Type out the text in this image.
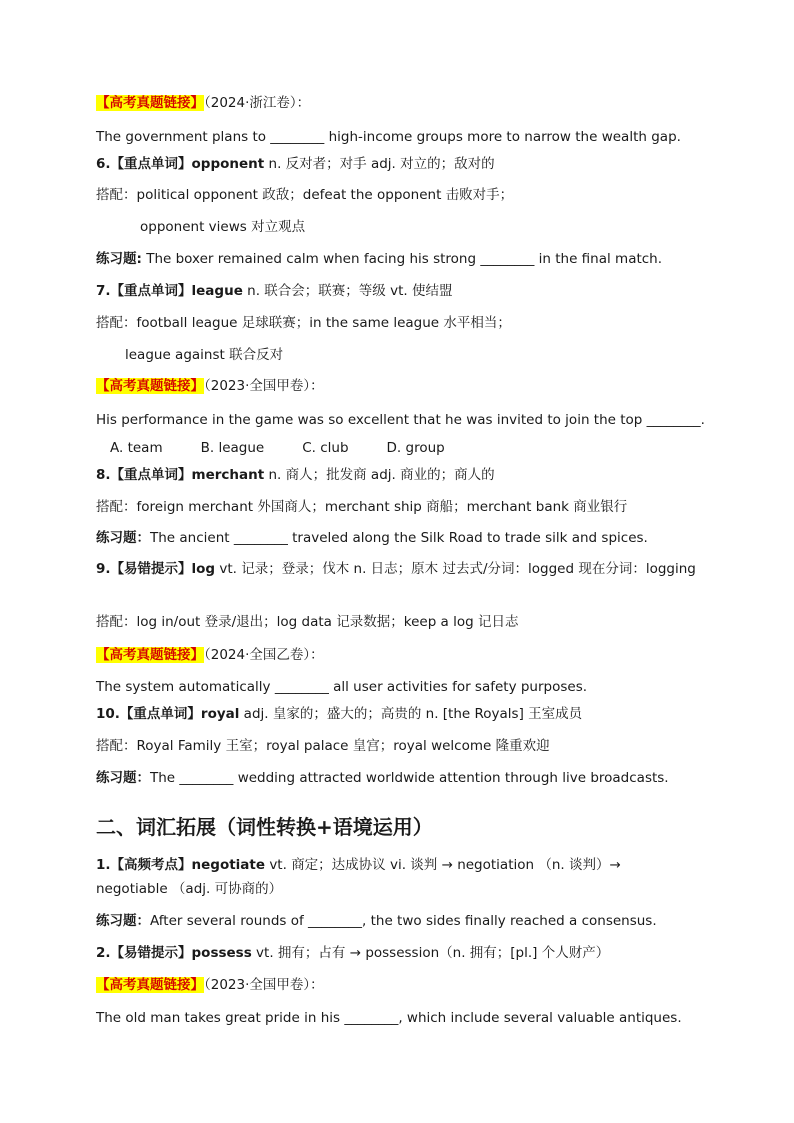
【高考真题链接】（2024·浙江卷）：
The government plans to ________ high-income groups more to narrow the wealth gap.
6.【重点单词】opponent n. 反对者；对手 adj. 对立的；敌对的
搭配：political opponent 政敌；defeat the opponent 击败对手；
opponent views 对立观点
练习题: The boxer remained calm when facing his strong ________ in the final match.
7.【重点单词】league n. 联合会；联赛；等级 vt. 使结盟
搭配：football league 足球联赛；in the same league 水平相当；
league against 联合反对
【高考真题链接】（2023·全国甲卷）：
His performance in the game was so excellent that he was invited to join the top ________.
A. team	B. league	C. club	D. group
8.【重点单词】merchant n. 商人；批发商 adj. 商业的；商人的
搭配：foreign merchant 外国商人；merchant ship 商船；merchant bank 商业银行
练习题：The ancient ________ traveled along the Silk Road to trade silk and spices.
9.【易错提示】log vt. 记录；登录；伐木 n. 日志；原木 过去式/分词：logged 现在分词：logging
搭配：log in/out 登录/退出；log data 记录数据；keep a log 记日志
【高考真题链接】（2024·全国乙卷）：
The system automatically ________ all user activities for safety purposes.
10.【重点单词】royal adj. 皇家的；盛大的；高贵的 n. [the Royals] 王室成员
搭配：Royal Family 王室；royal palace 皇宫；royal welcome 隆重欢迎
练习题：The ________ wedding attracted worldwide attention through live broadcasts.
二、词汇拓展（词性转换+语境运用）
1.【高频考点】negotiate vt. 商定；达成协议 vi. 谈判 → negotiation （n. 谈判）→ negotiable （adj. 可协商的）
练习题：After several rounds of ________, the two sides finally reached a consensus.
2.【易错提示】possess vt. 拥有；占有 → possession（n. 拥有；[pl.] 个人财产）
【高考真题链接】（2023·全国甲卷）：
The old man takes great pride in his ________, which include several valuable antiques.
